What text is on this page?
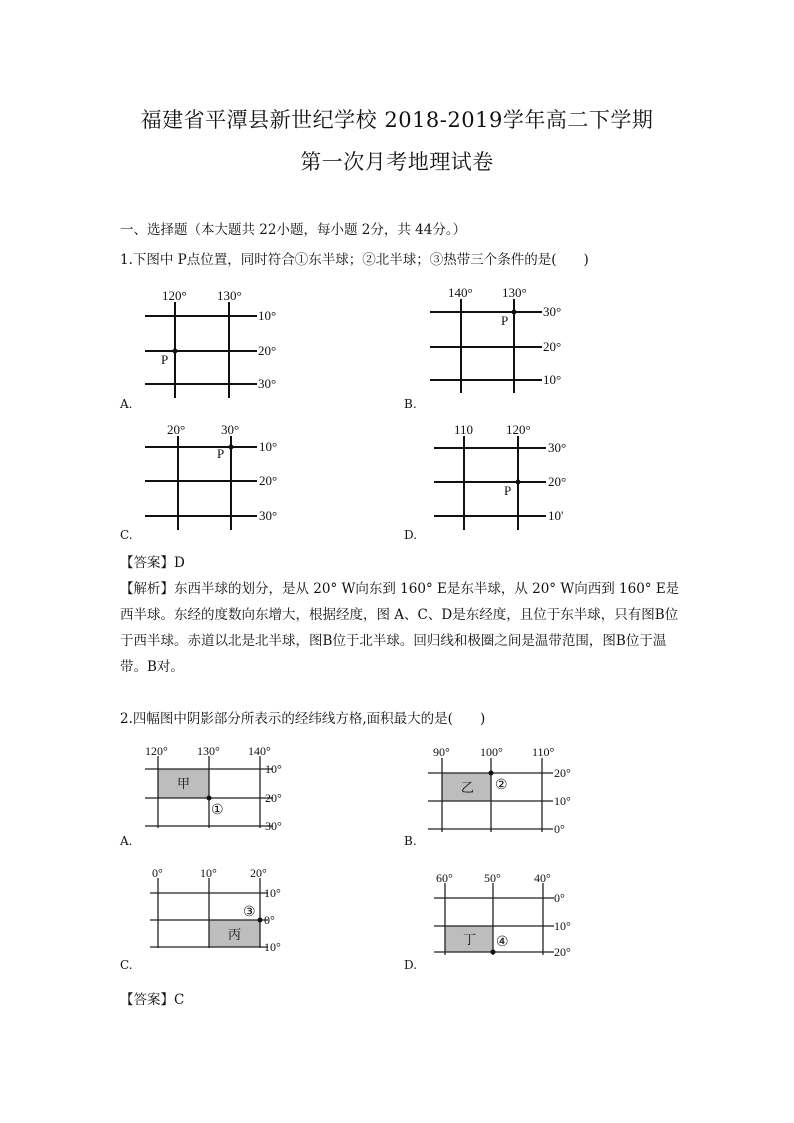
福建省平潭县新世纪学校 2018-2019学年高二下学期
第一次月考地理试卷
一、选择题（本大题共 22小题，每小题 2分，共 44分。）
1.下图中 P点位置，同时符合①东半球；②北半球；③热带三个条件的是(　　)
120° 130°
10°
20°
30°
P
A.
140° 130°
30°
20°
10°
P
B.
20°	30°
10°
20°
30°
P
C.
110	120°
30°
20°
10'
P
D.
【答案】D
【解析】东西半球的划分，是从 20° W向东到 160° E是东半球，从 20° W向西到 160° E是西半球。东经的度数向东增大，根据经度，图 A、C、D是东经度，且位于东半球，只有图B位于西半球。赤道以北是北半球，图B位于北半球。回归线和极圈之间是温带范围，图B位于温带。B对。
2.四幅图中阴影部分所表示的经纬线方格,面积最大的是(　　)
120° 130° 140°
10°
20°
30°
甲
①
A.
90°	100° 110°
20°
10°
0°
乙 ②
B.
0°	10°	20°
10°
0°
10°
丙
③
C.
60°	50°	40°
0°
10°
20°
丁 ④
D.
【答案】C
